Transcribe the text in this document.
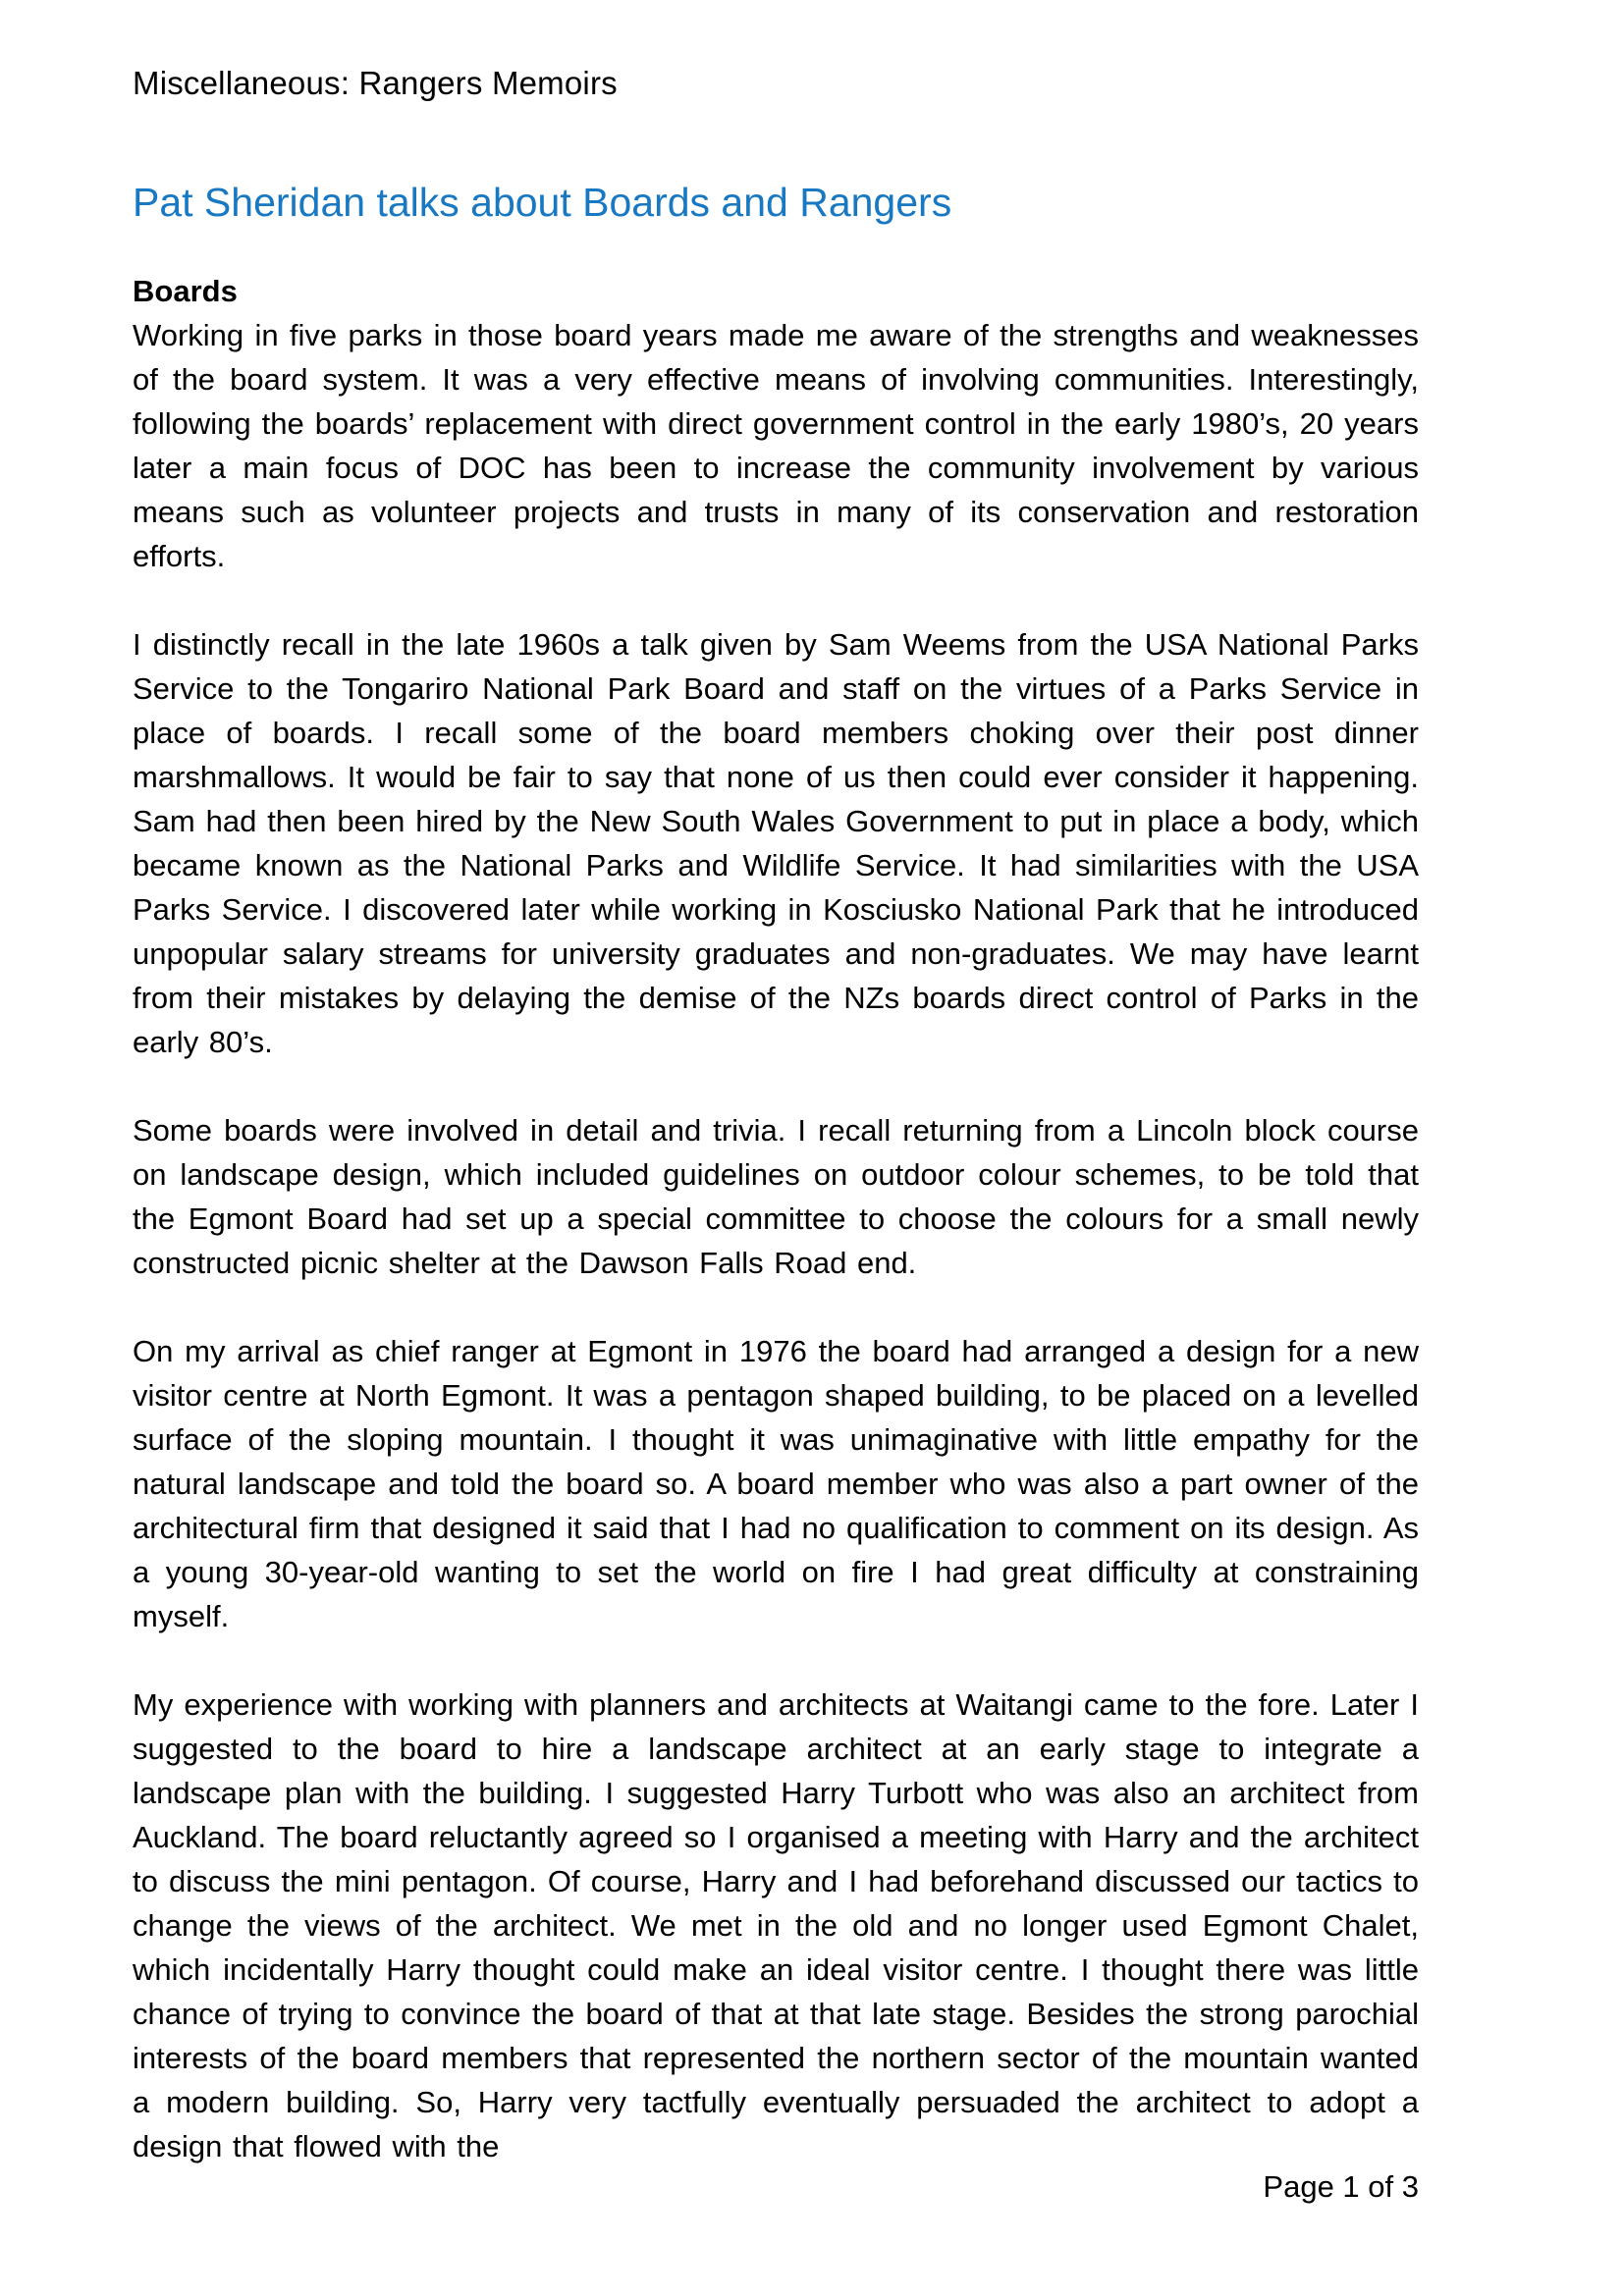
Miscellaneous: Rangers Memoirs
Pat Sheridan talks about Boards and Rangers
Boards

Working in five parks in those board years made me aware of the strengths and weaknesses of the board system. It was a very effective means of involving communities. Interestingly, following the boards’ replacement with direct government control in the early 1980’s, 20 years later a main focus of DOC has been to increase the community involvement by various means such as volunteer projects and trusts in many of its conservation and restoration efforts.

I distinctly recall in the late 1960s a talk given by Sam Weems from the USA National Parks Service to the Tongariro National Park Board and staff on the virtues of a Parks Service in place of boards. I recall some of the board members choking over their post dinner marshmallows. It would be fair to say that none of us then could ever consider it happening. Sam had then been hired by the New South Wales Government to put in place a body, which became known as the National Parks and Wildlife Service. It had similarities with the USA Parks Service. I discovered later while working in Kosciusko National Park that he introduced unpopular salary streams for university graduates and non-graduates. We may have learnt from their mistakes by delaying the demise of the NZs boards direct control of Parks in the early 80’s.

Some boards were involved in detail and trivia. I recall returning from a Lincoln block course on landscape design, which included guidelines on outdoor colour schemes, to be told that the Egmont Board had set up a special committee to choose the colours for a small newly constructed picnic shelter at the Dawson Falls Road end.

On my arrival as chief ranger at Egmont in 1976 the board had arranged a design for a new visitor centre at North Egmont. It was a pentagon shaped building, to be placed on a levelled surface of the sloping mountain. I thought it was unimaginative with little empathy for the natural landscape and told the board so. A board member who was also a part owner of the architectural firm that designed it said that I had no qualification to comment on its design. As a young 30-year-old wanting to set the world on fire I had great difficulty at constraining myself.

My experience with working with planners and architects at Waitangi came to the fore. Later I suggested to the board to hire a landscape architect at an early stage to integrate a landscape plan with the building. I suggested Harry Turbott who was also an architect from Auckland. The board reluctantly agreed so I organised a meeting with Harry and the architect to discuss the mini pentagon. Of course, Harry and I had beforehand discussed our tactics to change the views of the architect. We met in the old and no longer used Egmont Chalet, which incidentally Harry thought could make an ideal visitor centre. I thought there was little chance of trying to convince the board of that at that late stage. Besides the strong parochial interests of the board members that represented the northern sector of the mountain wanted a modern building. So, Harry very tactfully eventually persuaded the architect to adopt a design that flowed with the

Page 1 of 3
